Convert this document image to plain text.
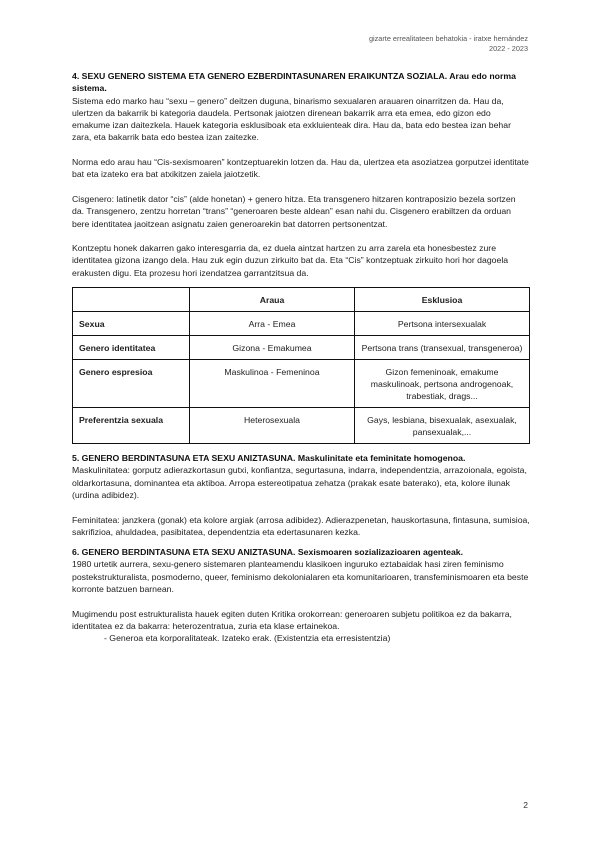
gizarte errealitateen behatokia - iratxe hernández
2022 - 2023

4. SEXU GENERO SISTEMA ETA GENERO EZBERDINTASUNAREN ERAIKUNTZA SOZIALA. Arau edo norma sistema.

Sistema edo marko hau “sexu – genero” deitzen duguna, binarismo sexualaren arauaren oinarritzen da. Hau da, ulertzen da bakarrik bi kategoria daudela. Pertsonak jaiotzen direnean bakarrik arra eta emea, edo gizon edo emakume izan daitezkela. Hauek kategoria esklusiboak eta exkluienteak dira. Hau da, bata edo bestea izan behar zara, eta bakarrik bata edo bestea izan zaitezke.

Norma edo arau hau “Cis-sexismoaren” kontzeptuarekin lotzen da. Hau da, ulertzea eta asoziatzea gorputzei identitate bat eta izateko era bat atxikitzen zaiela jaiotzetik.

Cisgenero: latinetik dator “cis” (alde honetan) + genero hitza. Eta transgenero hitzaren kontraposizio bezela sortzen da. Transgenero, zentzu horretan “trans” “generoaren beste aldean” esan nahi du. Cisgenero erabiltzen da orduan bere identitatea jaoitzean asignatu zaien generoarekin bat datorren pertsonentzat.

Kontzeptu honek dakarren gako interesgarria da, ez duela aintzat hartzen zu arra zarela eta honesbestez zure identitatea gizona izango dela. Hau zuk egin duzun zirkuito bat da. Eta “Cis” kontzeptuak zirkuito hori hor dagoela erakusten digu. Eta prozesu hori izendatzea garrantzitsua da.

	Araua	Esklusioa
Sexua	Arra - Emea	Pertsona intersexualak
Genero identitatea	Gizona - Emakumea	Pertsona trans (transexual, transgeneroa)
Genero espresioa	Maskulinoa - Femeninoa	Gizon femeninoak, emakume maskulinoak, pertsona androgenoak, trabestiak, drags...
Preferentzia sexuala	Heterosexuala	Gays, lesbiana, bisexualak, asexualak, pansexualak,...

5. GENERO BERDINTASUNA ETA SEXU ANIZTASUNA. Maskulinitate eta feminitate homogenoa.

Maskulinitatea: gorputz adierazkortasun gutxi, konfiantza, segurtasuna, indarra, independentzia, arrazoionala, egoista, oldarkortasuna, dominantea eta aktiboa. Arropa estereotipatua zehatza (prakak esate baterako), eta, kolore ilunak (urdina adibidez).

Feminitatea: janzkera (gonak) eta kolore argiak (arrosa adibidez). Adierazpenetan, hauskortasuna, fintasuna, sumisioa, sakrifizioa, ahuldadea, pasibitatea, dependentzia eta edertasunaren kezka.

6. GENERO BERDINTASUNA ETA SEXU ANIZTASUNA. Sexismoaren sozializazioaren agenteak.

1980 urtetik aurrera, sexu-genero sistemaren planteamendu klasikoen inguruko eztabaidak hasi ziren feminismo postekstrukturalista, posmoderno, queer, feminismo dekolonialaren eta komunitarioaren, transfeminismoaren eta beste korronte batzuen barnean.

Mugimendu post estrukturalista hauek egiten duten Kritika orokorrean: generoaren subjetu politikoa ez da bakarra, identitatea ez da bakarra: heterozentratua, zuria eta klase ertainekoa.

- Generoa eta korporalitateak. Izateko erak. (Existentzia eta erresistentzia)

2
